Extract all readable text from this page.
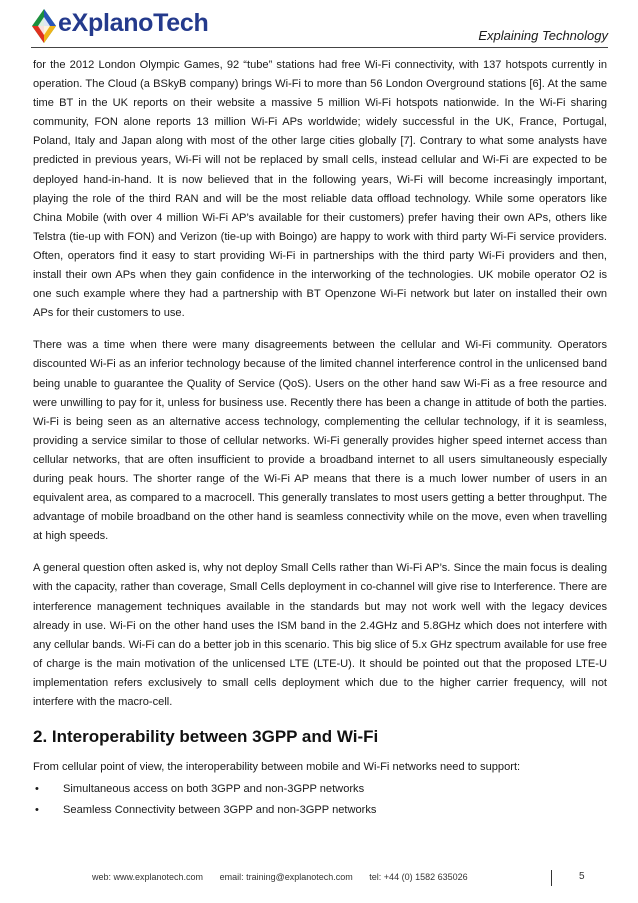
eXplanoTech	Explaining Technology

for the 2012 London Olympic Games, 92 “tube” stations had free Wi-Fi connectivity, with 137 hotspots currently in operation. The Cloud (a BSkyB company) brings Wi-Fi to more than 56 London Overground stations [6]. At the same time BT in the UK reports on their website a massive 5 million Wi-Fi hotspots nationwide. In the Wi-Fi sharing community, FON alone reports 13 million Wi-Fi APs worldwide; widely successful in the UK, France, Portugal, Poland, Italy and Japan along with most of the other large cities globally [7]. Contrary to what some analysts have predicted in previous years, Wi-Fi will not be replaced by small cells, instead cellular and Wi-Fi are expected to be deployed hand-in-hand. It is now believed that in the following years, Wi-Fi will become increasingly important, playing the role of the third RAN and will be the most reliable data offload technology. While some operators like China Mobile (with over 4 million Wi-Fi AP’s available for their customers) prefer having their own APs, others like Telstra (tie-up with FON) and Verizon (tie-up with Boingo) are happy to work with third party Wi-Fi service providers. Often, operators find it easy to start providing Wi-Fi in partnerships with the third party Wi-Fi providers and then, install their own APs when they gain confidence in the interworking of the technologies. UK mobile operator O2 is one such example where they had a partnership with BT Openzone Wi-Fi network but later on installed their own APs for their customers to use.

There was a time when there were many disagreements between the cellular and Wi-Fi community. Operators discounted Wi-Fi as an inferior technology because of the limited channel interference control in the unlicensed band being unable to guarantee the Quality of Service (QoS). Users on the other hand saw Wi-Fi as a free resource and were unwilling to pay for it, unless for business use. Recently there has been a change in attitude of both the parties. Wi-Fi is being seen as an alternative access technology, complementing the cellular technology, if it is seamless, providing a service similar to those of cellular networks. Wi-Fi generally provides higher speed internet access than cellular networks, that are often insufficient to provide a broadband internet to all users simultaneously especially during peak hours. The shorter range of the Wi-Fi AP means that there is a much lower number of users in an equivalent area, as compared to a macrocell. This generally translates to most users getting a better throughput. The advantage of mobile broadband on the other hand is seamless connectivity while on the move, even when travelling at high speeds.

A general question often asked is, why not deploy Small Cells rather than Wi-Fi AP’s. Since the main focus is dealing with the capacity, rather than coverage, Small Cells deployment in co-channel will give rise to Interference. There are interference management techniques available in the standards but may not work well with the legacy devices already in use. Wi-Fi on the other hand uses the ISM band in the 2.4GHz and 5.8GHz which does not interfere with any cellular bands. Wi-Fi can do a better job in this scenario. This big slice of 5.x GHz spectrum available for use free of charge is the main motivation of the unlicensed LTE (LTE-U). It should be pointed out that the proposed LTE-U implementation refers exclusively to small cells deployment which due to the higher carrier frequency, will not interfere with the macro-cell.

2. Interoperability between 3GPP and Wi-Fi

From cellular point of view, the interoperability between mobile and Wi-Fi networks need to support:

• Simultaneous access on both 3GPP and non-3GPP networks
• Seamless Connectivity between 3GPP and non-3GPP networks
web: www.explanotech.com email: training@explanotech.com tel: +44 (0) 1582 635026	5
